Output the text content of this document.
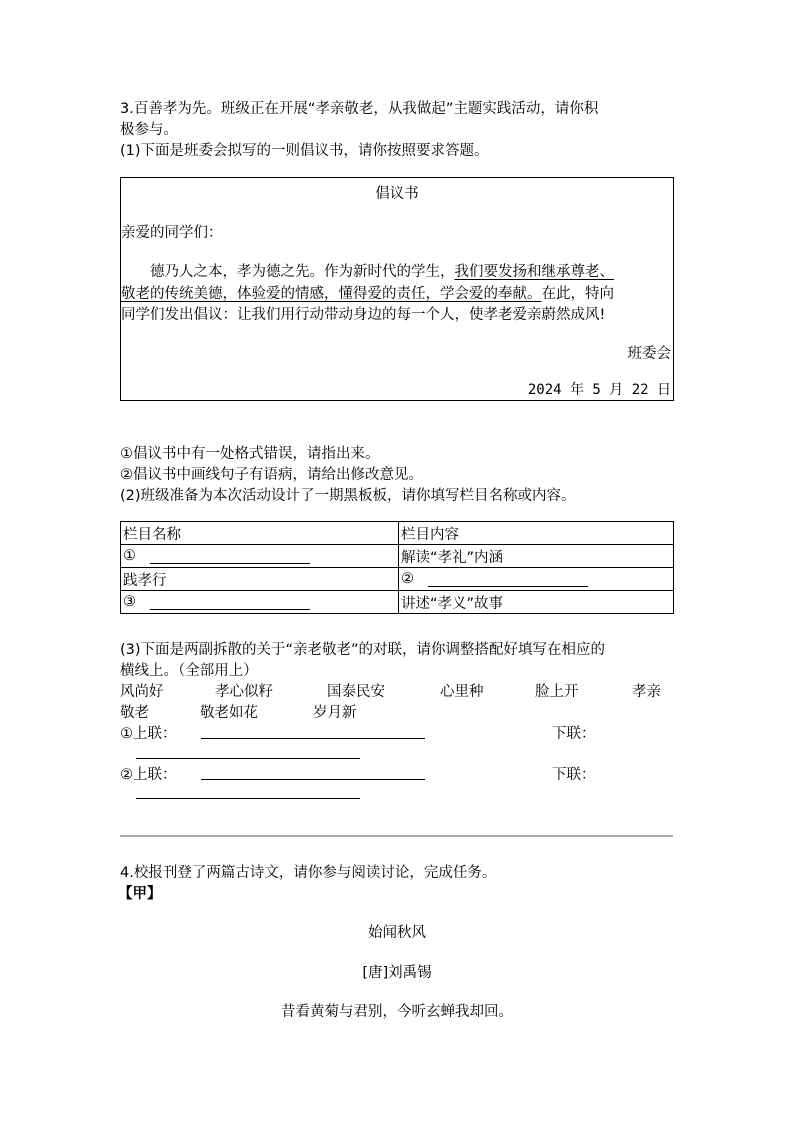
3.百善孝为先。班级正在开展“孝亲敬老，从我做起”主题实践活动，请你积
极参与。
(1)下面是班委会拟写的一则倡议书，请你按照要求答题。
倡议书
亲爱的同学们：
德乃人之本，孝为德之先。作为新时代的学生，我们要发扬和继承尊老、
敬老的传统美德，体验爱的情感，懂得爱的责任，学会爱的奉献。在此，特向
同学们发出倡议：让我们用行动带动身边的每一个人，使孝老爱亲蔚然成风!
班委会
2024 年 5 月 22 日
①倡议书中有一处格式错误，请指出来。
②倡议书中画线句子有语病，请给出修改意见。
(2)班级准备为本次活动设计了一期黑板板，请你填写栏目名称或内容。
栏目名称	栏目内容
①	解读“孝礼”内涵
践孝行	②
③	讲述“孝义”故事
(3)下面是两副拆散的关于“亲老敬老”的对联，请你调整搭配好填写在相应的
横线上。（全部用上）
风尚好	孝心似籽	国泰民安	心里种	脸上开	孝亲
敬老	敬老如花	岁月新
①上联：	下联：
②上联：	下联：
4.校报刊登了两篇古诗文，请你参与阅读讨论，完成任务。
【甲】
始闻秋风
[唐]刘禹锡
昔看黄菊与君别，今听玄蝉我却回。
